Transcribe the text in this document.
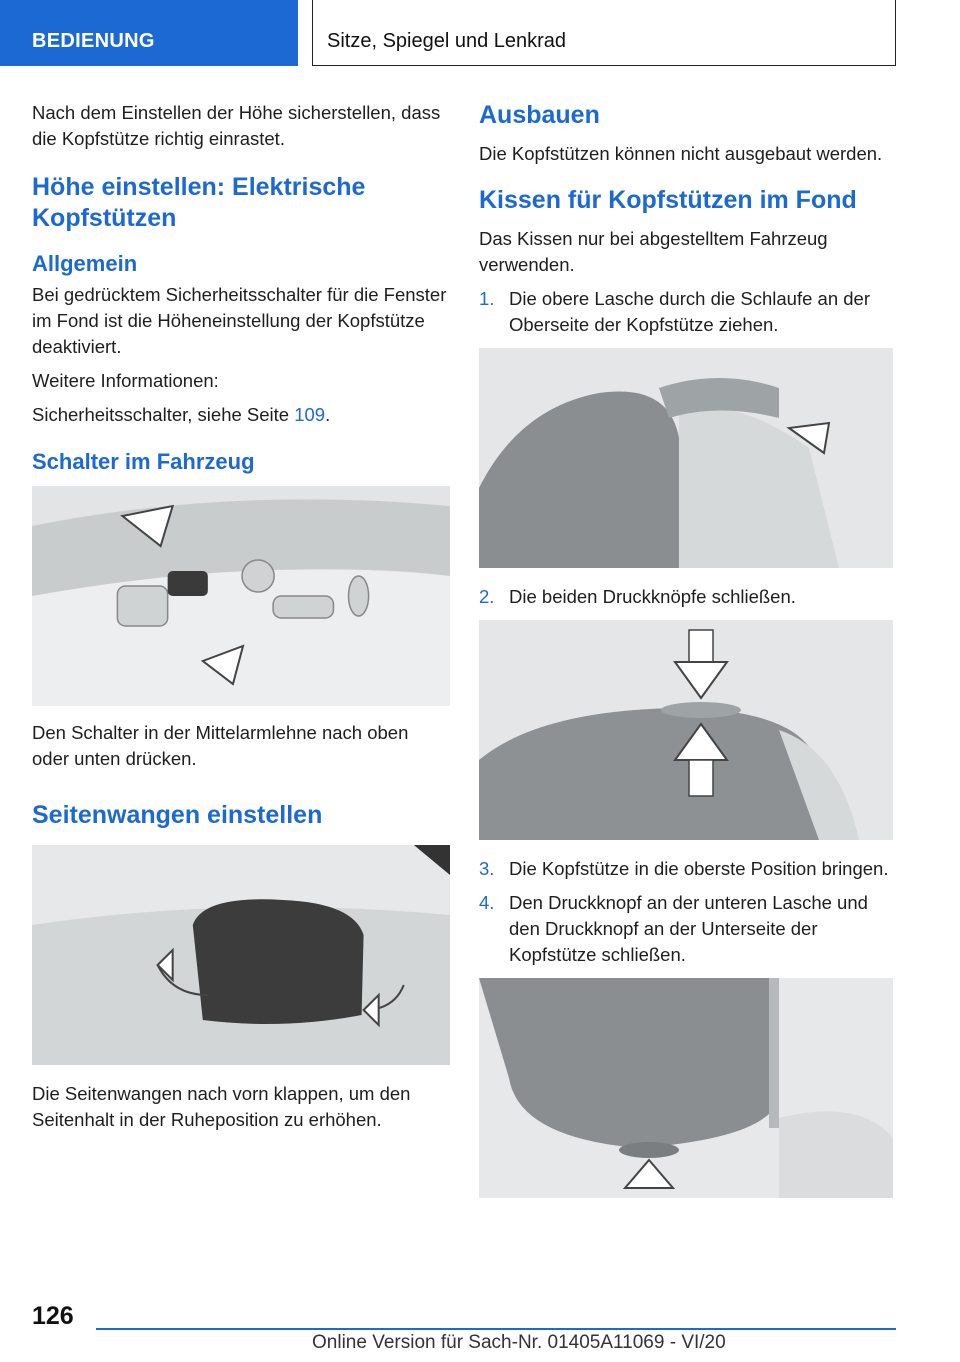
BEDIENUNG	Sitze, Spiegel und Lenkrad

Nach dem Einstellen der Höhe sicherstellen, dass die Kopfstütze richtig einrastet.

Höhe einstellen: Elektrische Kopfstützen
Allgemein

Bei gedrücktem Sicherheitsschalter für die Fenster im Fond ist die Höheneinstellung der Kopfstütze deaktiviert.

Weitere Informationen:

Sicherheitsschalter, siehe Seite 109.

Schalter im Fahrzeug

Den Schalter in der Mittelarmlehne nach oben oder unten drücken.

Seitenwangen einstellen

Die Seitenwangen nach vorn klappen, um den Seitenhalt in der Ruheposition zu erhöhen.

Ausbauen

Die Kopfstützen können nicht ausgebaut werden.

Kissen für Kopfstützen im Fond

Das Kissen nur bei abgestelltem Fahrzeug verwenden.

1. Die obere Lasche durch die Schlaufe an der Oberseite der Kopfstütze ziehen.
2. Die beiden Druckknöpfe schließen.
3. Die Kopfstütze in die oberste Position bringen.
4. Den Druckknopf an der unteren Lasche und den Druckknopf an der Unterseite der Kopfstütze schließen.
126
Online Version für Sach-Nr. 01405A11069 - VI/20
